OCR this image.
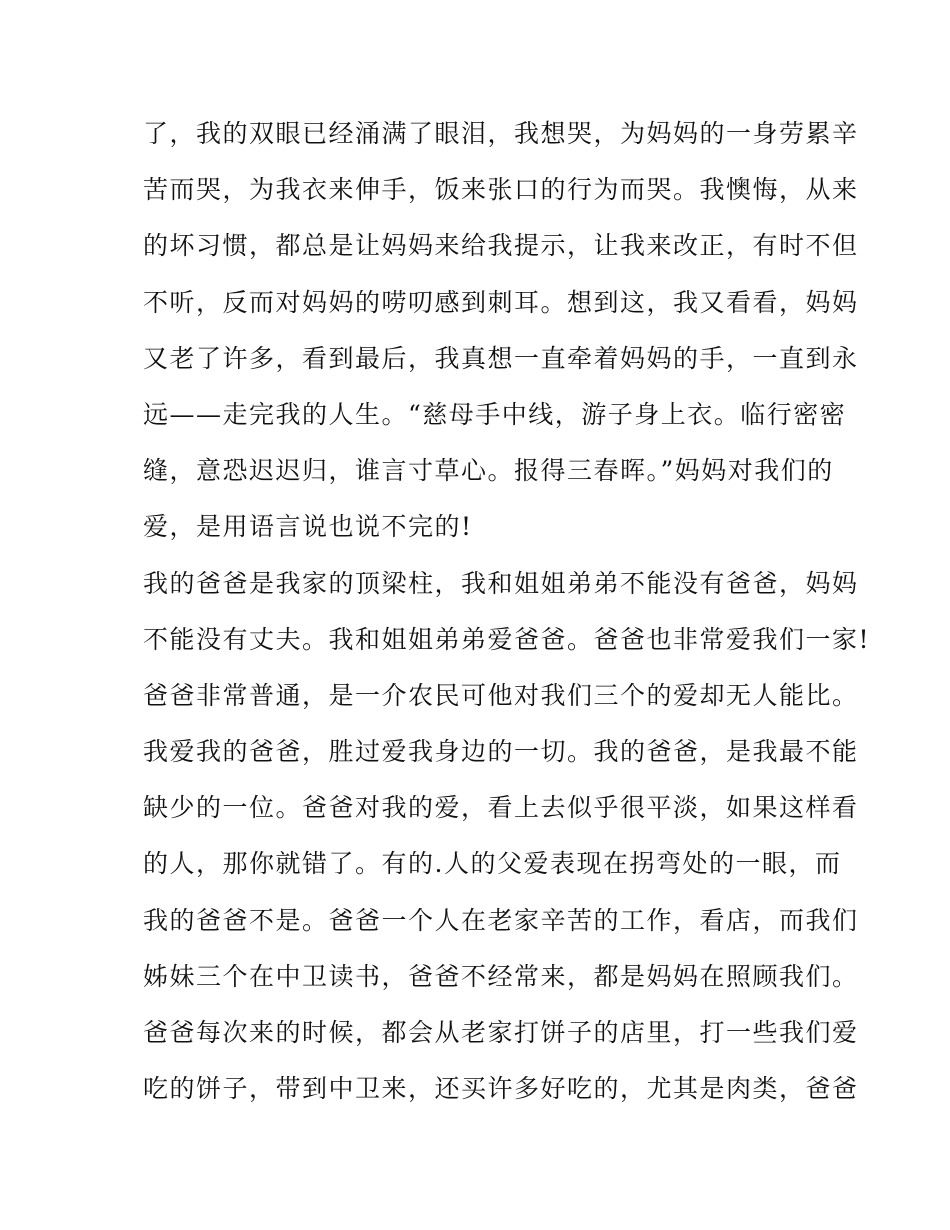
了，我的双眼已经涌满了眼泪，我想哭，为妈妈的一身劳累辛
苦而哭，为我衣来伸手，饭来张口的行为而哭。我懊悔，从来
的坏习惯，都总是让妈妈来给我提示，让我来改正，有时不但
不听，反而对妈妈的唠叨感到刺耳。想到这，我又看看，妈妈
又老了许多，看到最后，我真想一直牵着妈妈的手，一直到永
远——走完我的人生。“慈母手中线，游子身上衣。临行密密
缝，意恐迟迟归，谁言寸草心。报得三春晖。”妈妈对我们的
爱，是用语言说也说不完的!
我的爸爸是我家的顶梁柱，我和姐姐弟弟不能没有爸爸，妈妈
不能没有丈夫。我和姐姐弟弟爱爸爸。爸爸也非常爱我们一家!
爸爸非常普通，是一介农民可他对我们三个的爱却无人能比。
我爱我的爸爸，胜过爱我身边的一切。我的爸爸，是我最不能
缺少的一位。爸爸对我的爱，看上去似乎很平淡，如果这样看
的人，那你就错了。有的.人的父爱表现在拐弯处的一眼，而
我的爸爸不是。爸爸一个人在老家辛苦的工作，看店，而我们
姊妹三个在中卫读书，爸爸不经常来，都是妈妈在照顾我们。
爸爸每次来的时候，都会从老家打饼子的店里，打一些我们爱
吃的饼子，带到中卫来，还买许多好吃的，尤其是肉类，爸爸
